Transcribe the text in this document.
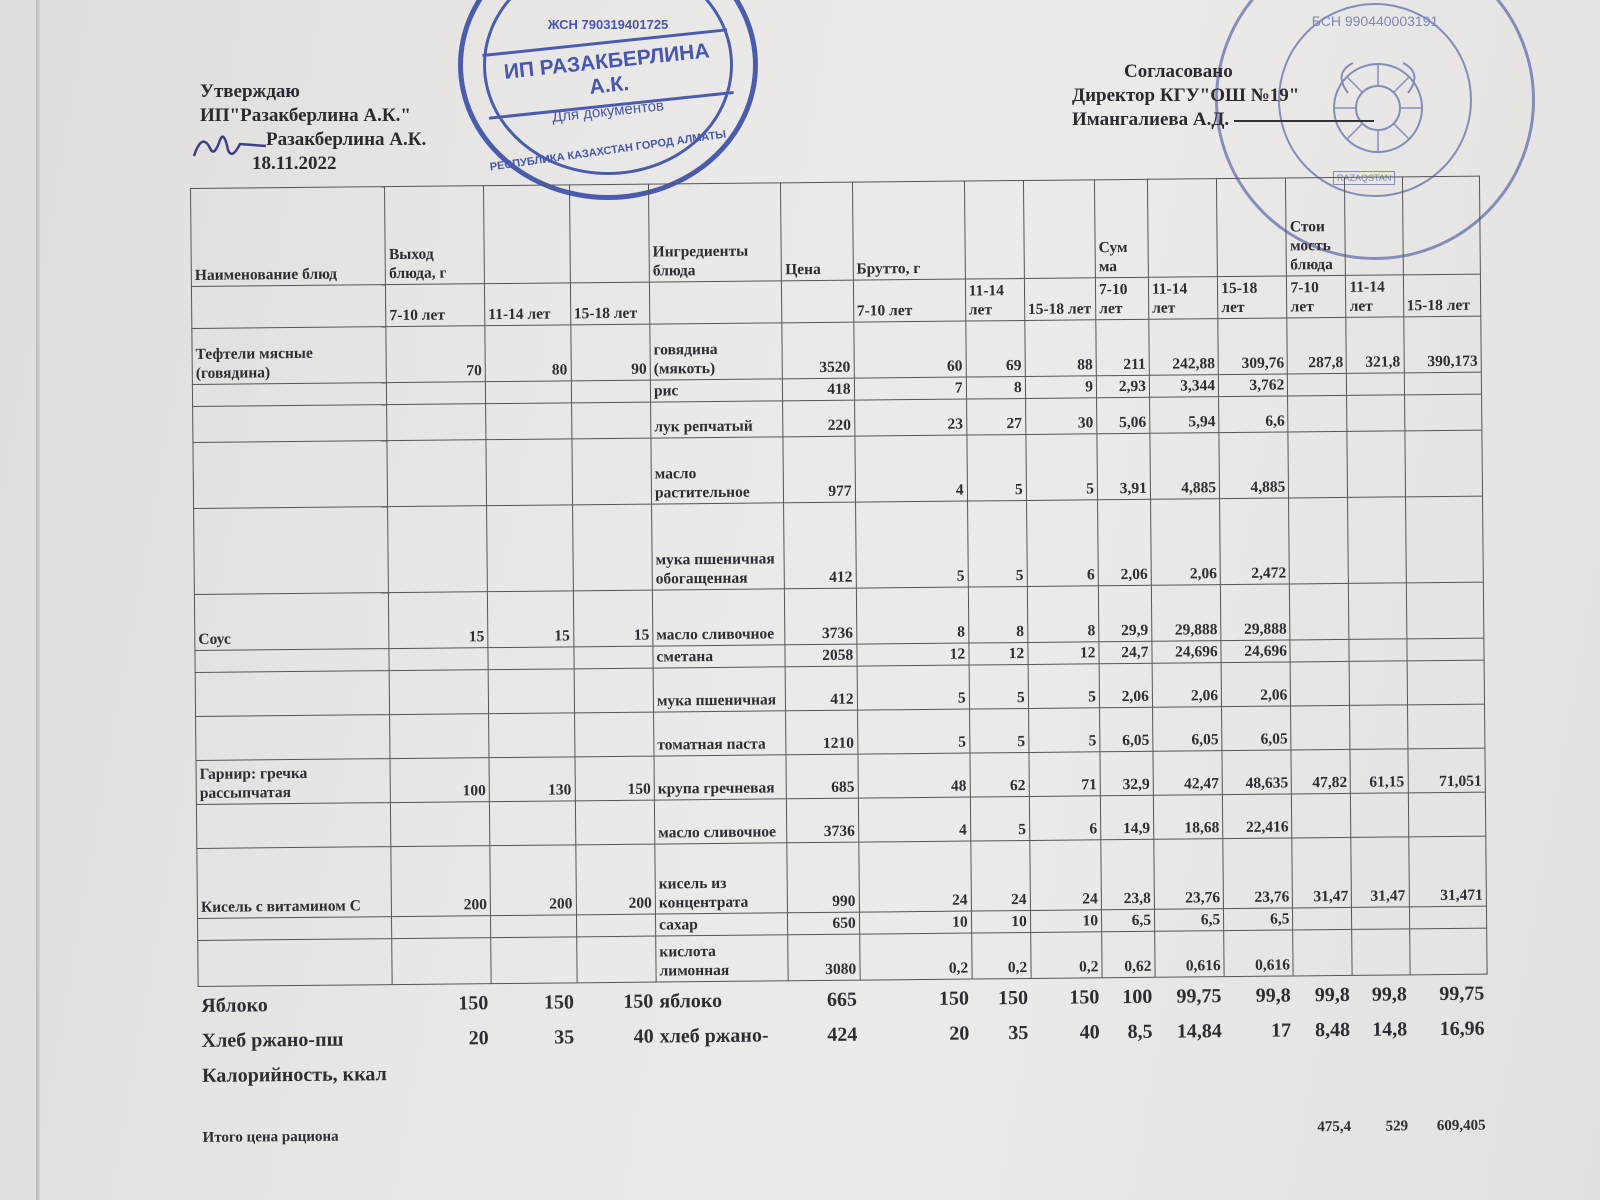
ЖСН 790319401725
ИП РАЗАКБЕРЛИНА А.К.
Для документов
РЕСПУБЛИКА КАЗАХСТАН ГОРОД АЛМАТЫ
БСН 990440003191
RAZAQSTAN
Утверждаю
ИП"Разакберлина А.К."
Разакберлина А.К.
18.11.2022
Согласовано
Директор КГУ"ОШ №19"
Имангалиева А.Д.
Наименование блюд	Выход блюда, г			Ингредиенты блюда	Цена	Брутто, г			Сум ма			Стои мость блюда		
	7-10 лет	11-14 лет	15-18 лет			7-10 лет	11-14 лет	15-18 лет	7-10 лет	11-14 лет	15-18 лет	7-10 лет	11-14 лет	15-18 лет
Тефтели мясные (говядина)	70	80	90	говядина (мякоть)	3520	60	69	88	211	242,88	309,76	287,8	321,8	390,173
				рис	418	7	8	9	2,93	3,344	3,762			
				лук репчатый	220	23	27	30	5,06	5,94	6,6			
				масло растительное	977	4	5	5	3,91	4,885	4,885			
				мука пшеничная обогащенная	412	5	5	6	2,06	2,06	2,472			
Соус	15	15	15	масло сливочное	3736	8	8	8	29,9	29,888	29,888			
				сметана	2058	12	12	12	24,7	24,696	24,696			
				мука пшеничная	412	5	5	5	2,06	2,06	2,06			
				томатная паста	1210	5	5	5	6,05	6,05	6,05			
Гарнир: гречка рассыпчатая	100	130	150	крупа гречневая	685	48	62	71	32,9	42,47	48,635	47,82	61,15	71,051
				масло сливочное	3736	4	5	6	14,9	18,68	22,416			
Кисель с витамином С	200	200	200	кисель из концентрата	990	24	24	24	23,8	23,76	23,76	31,47	31,47	31,471
				сахар	650	10	10	10	6,5	6,5	6,5			
				кислота лимонная	3080	0,2	0,2	0,2	0,62	0,616	0,616			
Яблоко	150	150	150	яблоко	665	150	150	150	100	99,75	99,8	99,8	99,8	99,75
Хлеб ржано-пш	20	35	40	хлеб ржано-	424	20	35	40	8,5	14,84	17	8,48	14,8	16,96
Калорийность, ккал														
Итого цена рациона												475,4	529	609,405
